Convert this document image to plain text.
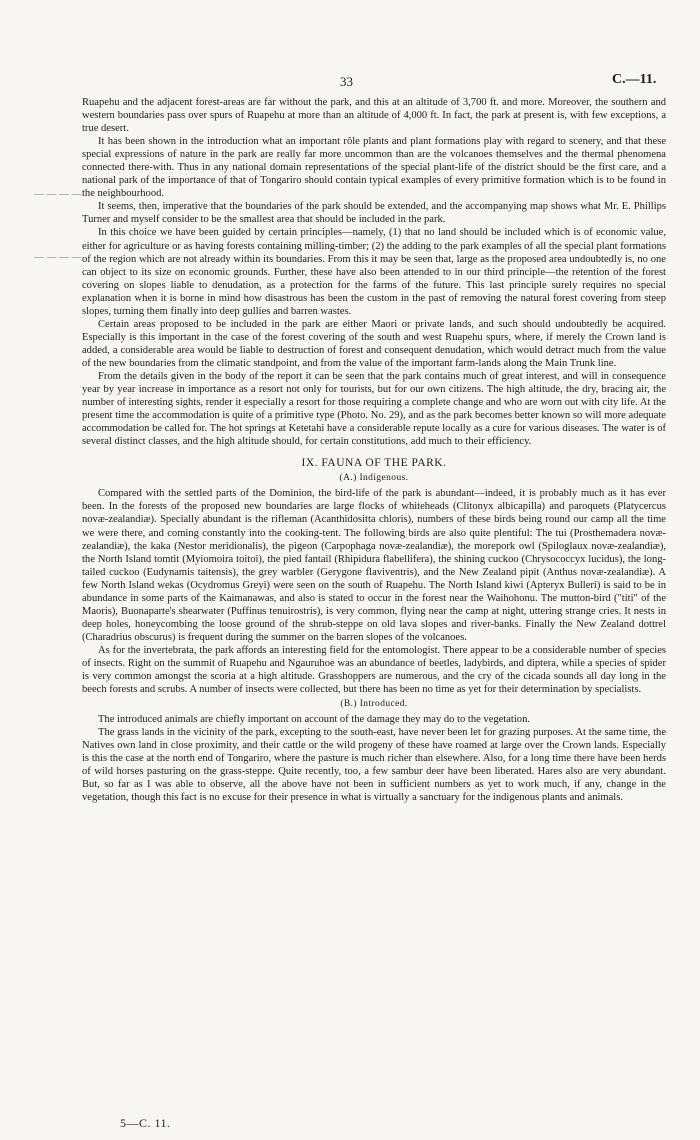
33	C.—11.
— — — —
— — — —

Ruapehu and the adjacent forest-areas are far without the park, and this at an altitude of 3,700 ft. and more. Moreover, the southern and western boundaries pass over spurs of Ruapehu at more than an altitude of 4,000 ft. In fact, the park at present is, with few exceptions, a true desert.

It has been shown in the introduction what an important rôle plants and plant formations play with regard to scenery, and that these special expressions of nature in the park are really far more uncommon than are the volcanoes themselves and the thermal phenomena connected there-with. Thus in any national domain representations of the special plant-life of the district should be the first care, and a national park of the importance of that of Tongariro should contain typical examples of every primitive formation which is to be found in the neighbourhood.

It seems, then, imperative that the boundaries of the park should be extended, and the accompanying map shows what Mr. E. Phillips Turner and myself consider to be the smallest area that should be included in the park.

In this choice we have been guided by certain principles—namely, (1) that no land should be included which is of economic value, either for agriculture or as having forests containing milling-timber; (2) the adding to the park examples of all the special plant formations of the region which are not already within its boundaries. From this it may be seen that, large as the proposed area undoubtedly is, no one can object to its size on economic grounds. Further, these have also been attended to in our third principle—the retention of the forest covering on slopes liable to denudation, as a protection for the farms of the future. This last principle surely requires no special explanation when it is borne in mind how disastrous has been the custom in the past of removing the natural forest covering from steep slopes, turning them finally into deep gullies and barren wastes.

Certain areas proposed to be included in the park are either Maori or private lands, and such should undoubtedly be acquired. Especially is this important in the case of the forest covering of the south and west Ruapehu spurs, where, if merely the Crown land is added, a considerable area would be liable to destruction of forest and consequent denudation, which would detract much from the value of the new boundaries from the climatic standpoint, and from the value of the important farm-lands along the Main Trunk line.

From the details given in the body of the report it can be seen that the park contains much of great interest, and will in consequence year by year increase in importance as a resort not only for tourists, but for our own citizens. The high altitude, the dry, bracing air, the number of interesting sights, render it especially a resort for those requiring a complete change and who are worn out with city life. At the present time the accommodation is quite of a primitive type (Photo. No. 29), and as the park becomes better known so will more adequate accommodation be called for. The hot springs at Ketetahi have a considerable repute locally as a cure for various diseases. The water is of several distinct classes, and the high altitude should, for certain constitutions, add much to their efficiency.

IX. FAUNA OF THE PARK.
(A.) Indigenous.

Compared with the settled parts of the Dominion, the bird-life of the park is abundant—indeed, it is probably much as it has ever been. In the forests of the proposed new boundaries are large flocks of whiteheads (Clitonyx albicapilla) and paroquets (Platycercus novæ-zealandiæ). Specially abundant is the rifleman (Acanthidositta chloris), numbers of these birds being round our camp all the time we were there, and coming constantly into the cooking-tent. The following birds are also quite plentiful: The tui (Prosthemadera novæ-zealandiæ), the kaka (Nestor meridionalis), the pigeon (Carpophaga novæ-zealandiæ), the morepork owl (Spiloglaux novæ-zealandiæ), the North Island tomtit (Myiomoira toitoi), the pied fantail (Rhipidura flabellifera), the shining cuckoo (Chrysococcyx lucidus), the long-tailed cuckoo (Eudynamis taitensis), the grey warbler (Gerygone flaviventris), and the New Zealand pipit (Anthus novæ-zealandiæ). A few North Island wekas (Ocydromus Greyi) were seen on the south of Ruapehu. The North Island kiwi (Apteryx Bulleri) is said to be in abundance in some parts of the Kaimanawas, and also is stated to occur in the forest near the Waihohonu. The mutton-bird ("titi" of the Maoris), Buonaparte's shearwater (Puffinus tenuirostris), is very common, flying near the camp at night, uttering strange cries. It nests in deep holes, honeycombing the loose ground of the shrub-steppe on old lava slopes and river-banks. Finally the New Zealand dottrel (Charadrius obscurus) is frequent during the summer on the barren slopes of the volcanoes.

As for the invertebrata, the park affords an interesting field for the entomologist. There appear to be a considerable number of species of insects. Right on the summit of Ruapehu and Ngauruhoe was an abundance of beetles, ladybirds, and diptera, while a species of spider is very common amongst the scoria at a high altitude. Grasshoppers are numerous, and the cry of the cicada sounds all day long in the beech forests and scrubs. A number of insects were collected, but there has been no time as yet for their determination by specialists.

(B.) Introduced.

The introduced animals are chiefly important on account of the damage they may do to the vegetation.

The grass lands in the vicinity of the park, excepting to the south-east, have never been let for grazing purposes. At the same time, the Natives own land in close proximity, and their cattle or the wild progeny of these have roamed at large over the Crown lands. Especially is this the case at the north end of Tongariro, where the pasture is much richer than elsewhere. Also, for a long time there have been herds of wild horses pasturing on the grass-steppe. Quite recently, too, a few sambur deer have been liberated. Hares also are very abundant. But, so far as I was able to observe, all the above have not been in sufficient numbers as yet to work much, if any, change in the vegetation, though this fact is no excuse for their presence in what is virtually a sanctuary for the indigenous plants and animals.

5—C. 11.
